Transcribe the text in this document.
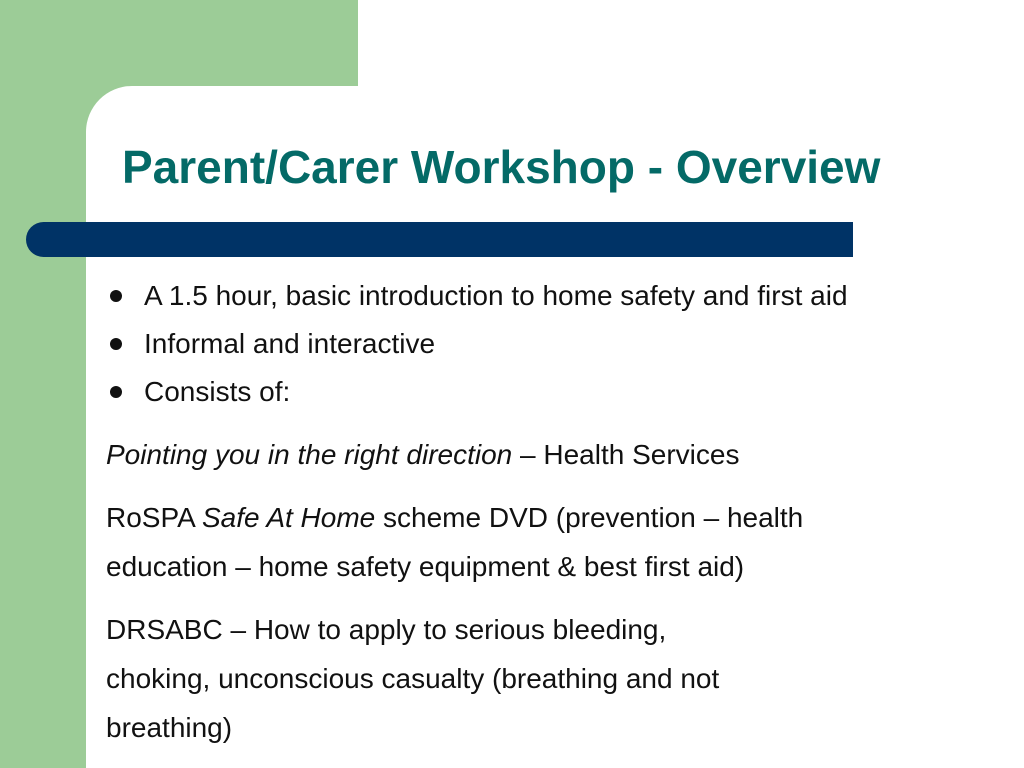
Parent/Carer Workshop - Overview
A 1.5 hour, basic introduction to home safety and first aid
Informal and interactive
Consists of:

Pointing you in the right direction – Health Services

RoSPA Safe At Home scheme DVD (prevention – health
education – home safety equipment & best first aid)

DRSABC – How to apply to serious bleeding,
choking, unconscious casualty (breathing and not
breathing)
